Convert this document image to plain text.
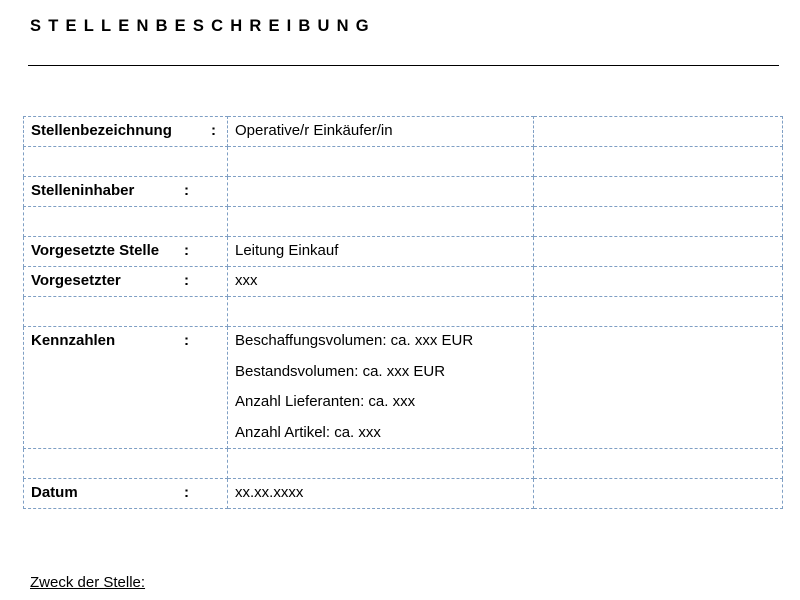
STELLENBESCHREIBUNG
Stellenbezeichnung :	Operative/r Einkäufer/in	

Stelleninhaber :		

Vorgesetzte Stelle :	Leitung Einkauf	

Vorgesetzter :	xxx	

Kennzahlen :	Beschaffungsvolumen: ca. xxx EUR
Bestandsvolumen: ca. xxx EUR
Anzahl Lieferanten: ca. xxx
Anzahl Artikel: ca. xxx	

Datum :	xx.xx.xxxx	
Zweck der Stelle:
